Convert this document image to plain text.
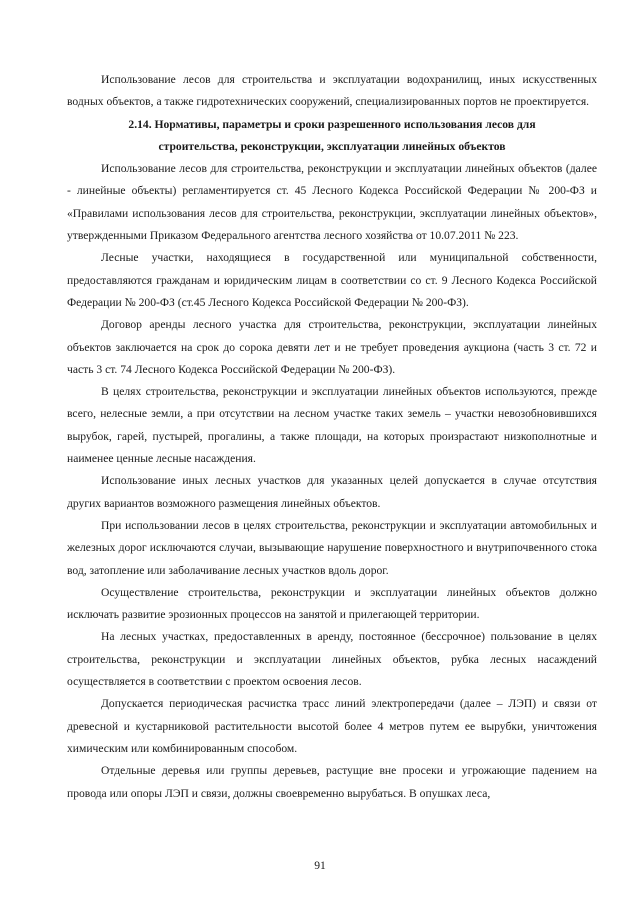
Использование лесов для строительства и эксплуатации водохранилищ, иных искусственных водных объектов, а также гидротехнических сооружений, специализированных портов не проектируется.

2.14. Нормативы, параметры и сроки разрешенного использования лесов для
строительства, реконструкции, эксплуатации линейных объектов

Использование лесов для строительства, реконструкции и эксплуатации линейных объектов (далее - линейные объекты) регламентируется ст. 45 Лесного Кодекса Российской Федерации № 200-ФЗ и «Правилами использования лесов для строительства, реконструкции, эксплуатации линейных объектов», утвержденными Приказом Федерального агентства лесного хозяйства от 10.07.2011 № 223.

Лесные участки, находящиеся в государственной или муниципальной собственности, предоставляются гражданам и юридическим лицам в соответствии со ст. 9 Лесного Кодекса Российской Федерации № 200-ФЗ (ст.45 Лесного Кодекса Российской Федерации № 200-ФЗ).

Договор аренды лесного участка для строительства, реконструкции, эксплуатации линейных объектов заключается на срок до сорока девяти лет и не требует проведения аукциона (часть 3 ст. 72 и часть 3 ст. 74 Лесного Кодекса Российской Федерации № 200-ФЗ).

В целях строительства, реконструкции и эксплуатации линейных объектов используются, прежде всего, нелесные земли, а при отсутствии на лесном участке таких земель – участки невозобновившихся вырубок, гарей, пустырей, прогалины, а также площади, на которых произрастают низкополнотные и наименее ценные лесные насаждения.

Использование иных лесных участков для указанных целей допускается в случае отсутствия других вариантов возможного размещения линейных объектов.

При использовании лесов в целях строительства, реконструкции и эксплуатации автомобильных и железных дорог исключаются случаи, вызывающие нарушение поверхностного и внутрипочвенного стока вод, затопление или заболачивание лесных участков вдоль дорог.

Осуществление строительства, реконструкции и эксплуатации линейных объектов должно исключать развитие эрозионных процессов на занятой и прилегающей территории.

На лесных участках, предоставленных в аренду, постоянное (бессрочное) пользование в целях строительства, реконструкции и эксплуатации линейных объектов, рубка лесных насаждений осуществляется в соответствии с проектом освоения лесов.

Допускается периодическая расчистка трасс линий электропередачи (далее – ЛЭП) и связи от древесной и кустарниковой растительности высотой более 4 метров путем ее вырубки, уничтожения химическим или комбинированным способом.

Отдельные деревья или группы деревьев, растущие вне просеки и угрожающие падением на провода или опоры ЛЭП и связи, должны своевременно вырубаться. В опушках леса,

91
